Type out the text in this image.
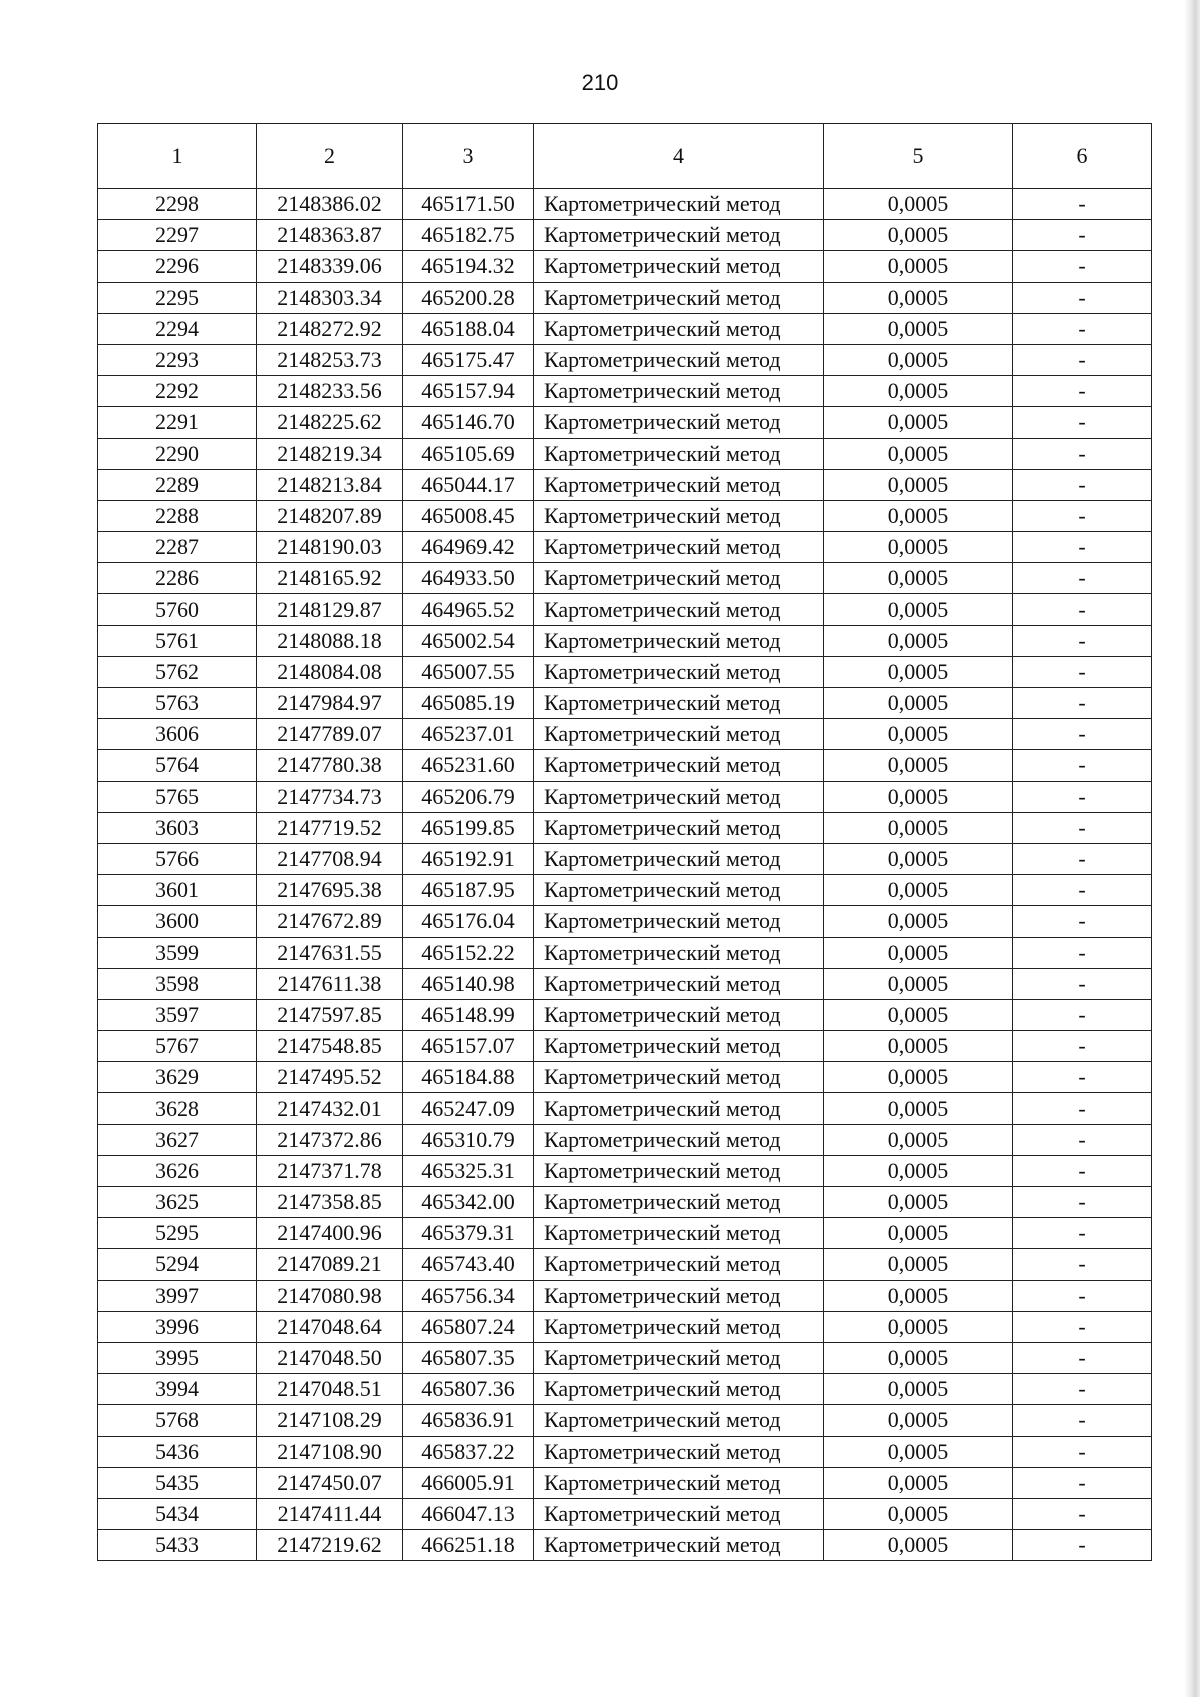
210
1	2	3	4	5	6
2298	2148386.02	465171.50	Картометрический метод	0,0005	-
2297	2148363.87	465182.75	Картометрический метод	0,0005	-
2296	2148339.06	465194.32	Картометрический метод	0,0005	-
2295	2148303.34	465200.28	Картометрический метод	0,0005	-
2294	2148272.92	465188.04	Картометрический метод	0,0005	-
2293	2148253.73	465175.47	Картометрический метод	0,0005	-
2292	2148233.56	465157.94	Картометрический метод	0,0005	-
2291	2148225.62	465146.70	Картометрический метод	0,0005	-
2290	2148219.34	465105.69	Картометрический метод	0,0005	-
2289	2148213.84	465044.17	Картометрический метод	0,0005	-
2288	2148207.89	465008.45	Картометрический метод	0,0005	-
2287	2148190.03	464969.42	Картометрический метод	0,0005	-
2286	2148165.92	464933.50	Картометрический метод	0,0005	-
5760	2148129.87	464965.52	Картометрический метод	0,0005	-
5761	2148088.18	465002.54	Картометрический метод	0,0005	-
5762	2148084.08	465007.55	Картометрический метод	0,0005	-
5763	2147984.97	465085.19	Картометрический метод	0,0005	-
3606	2147789.07	465237.01	Картометрический метод	0,0005	-
5764	2147780.38	465231.60	Картометрический метод	0,0005	-
5765	2147734.73	465206.79	Картометрический метод	0,0005	-
3603	2147719.52	465199.85	Картометрический метод	0,0005	-
5766	2147708.94	465192.91	Картометрический метод	0,0005	-
3601	2147695.38	465187.95	Картометрический метод	0,0005	-
3600	2147672.89	465176.04	Картометрический метод	0,0005	-
3599	2147631.55	465152.22	Картометрический метод	0,0005	-
3598	2147611.38	465140.98	Картометрический метод	0,0005	-
3597	2147597.85	465148.99	Картометрический метод	0,0005	-
5767	2147548.85	465157.07	Картометрический метод	0,0005	-
3629	2147495.52	465184.88	Картометрический метод	0,0005	-
3628	2147432.01	465247.09	Картометрический метод	0,0005	-
3627	2147372.86	465310.79	Картометрический метод	0,0005	-
3626	2147371.78	465325.31	Картометрический метод	0,0005	-
3625	2147358.85	465342.00	Картометрический метод	0,0005	-
5295	2147400.96	465379.31	Картометрический метод	0,0005	-
5294	2147089.21	465743.40	Картометрический метод	0,0005	-
3997	2147080.98	465756.34	Картометрический метод	0,0005	-
3996	2147048.64	465807.24	Картометрический метод	0,0005	-
3995	2147048.50	465807.35	Картометрический метод	0,0005	-
3994	2147048.51	465807.36	Картометрический метод	0,0005	-
5768	2147108.29	465836.91	Картометрический метод	0,0005	-
5436	2147108.90	465837.22	Картометрический метод	0,0005	-
5435	2147450.07	466005.91	Картометрический метод	0,0005	-
5434	2147411.44	466047.13	Картометрический метод	0,0005	-
5433	2147219.62	466251.18	Картометрический метод	0,0005	-
